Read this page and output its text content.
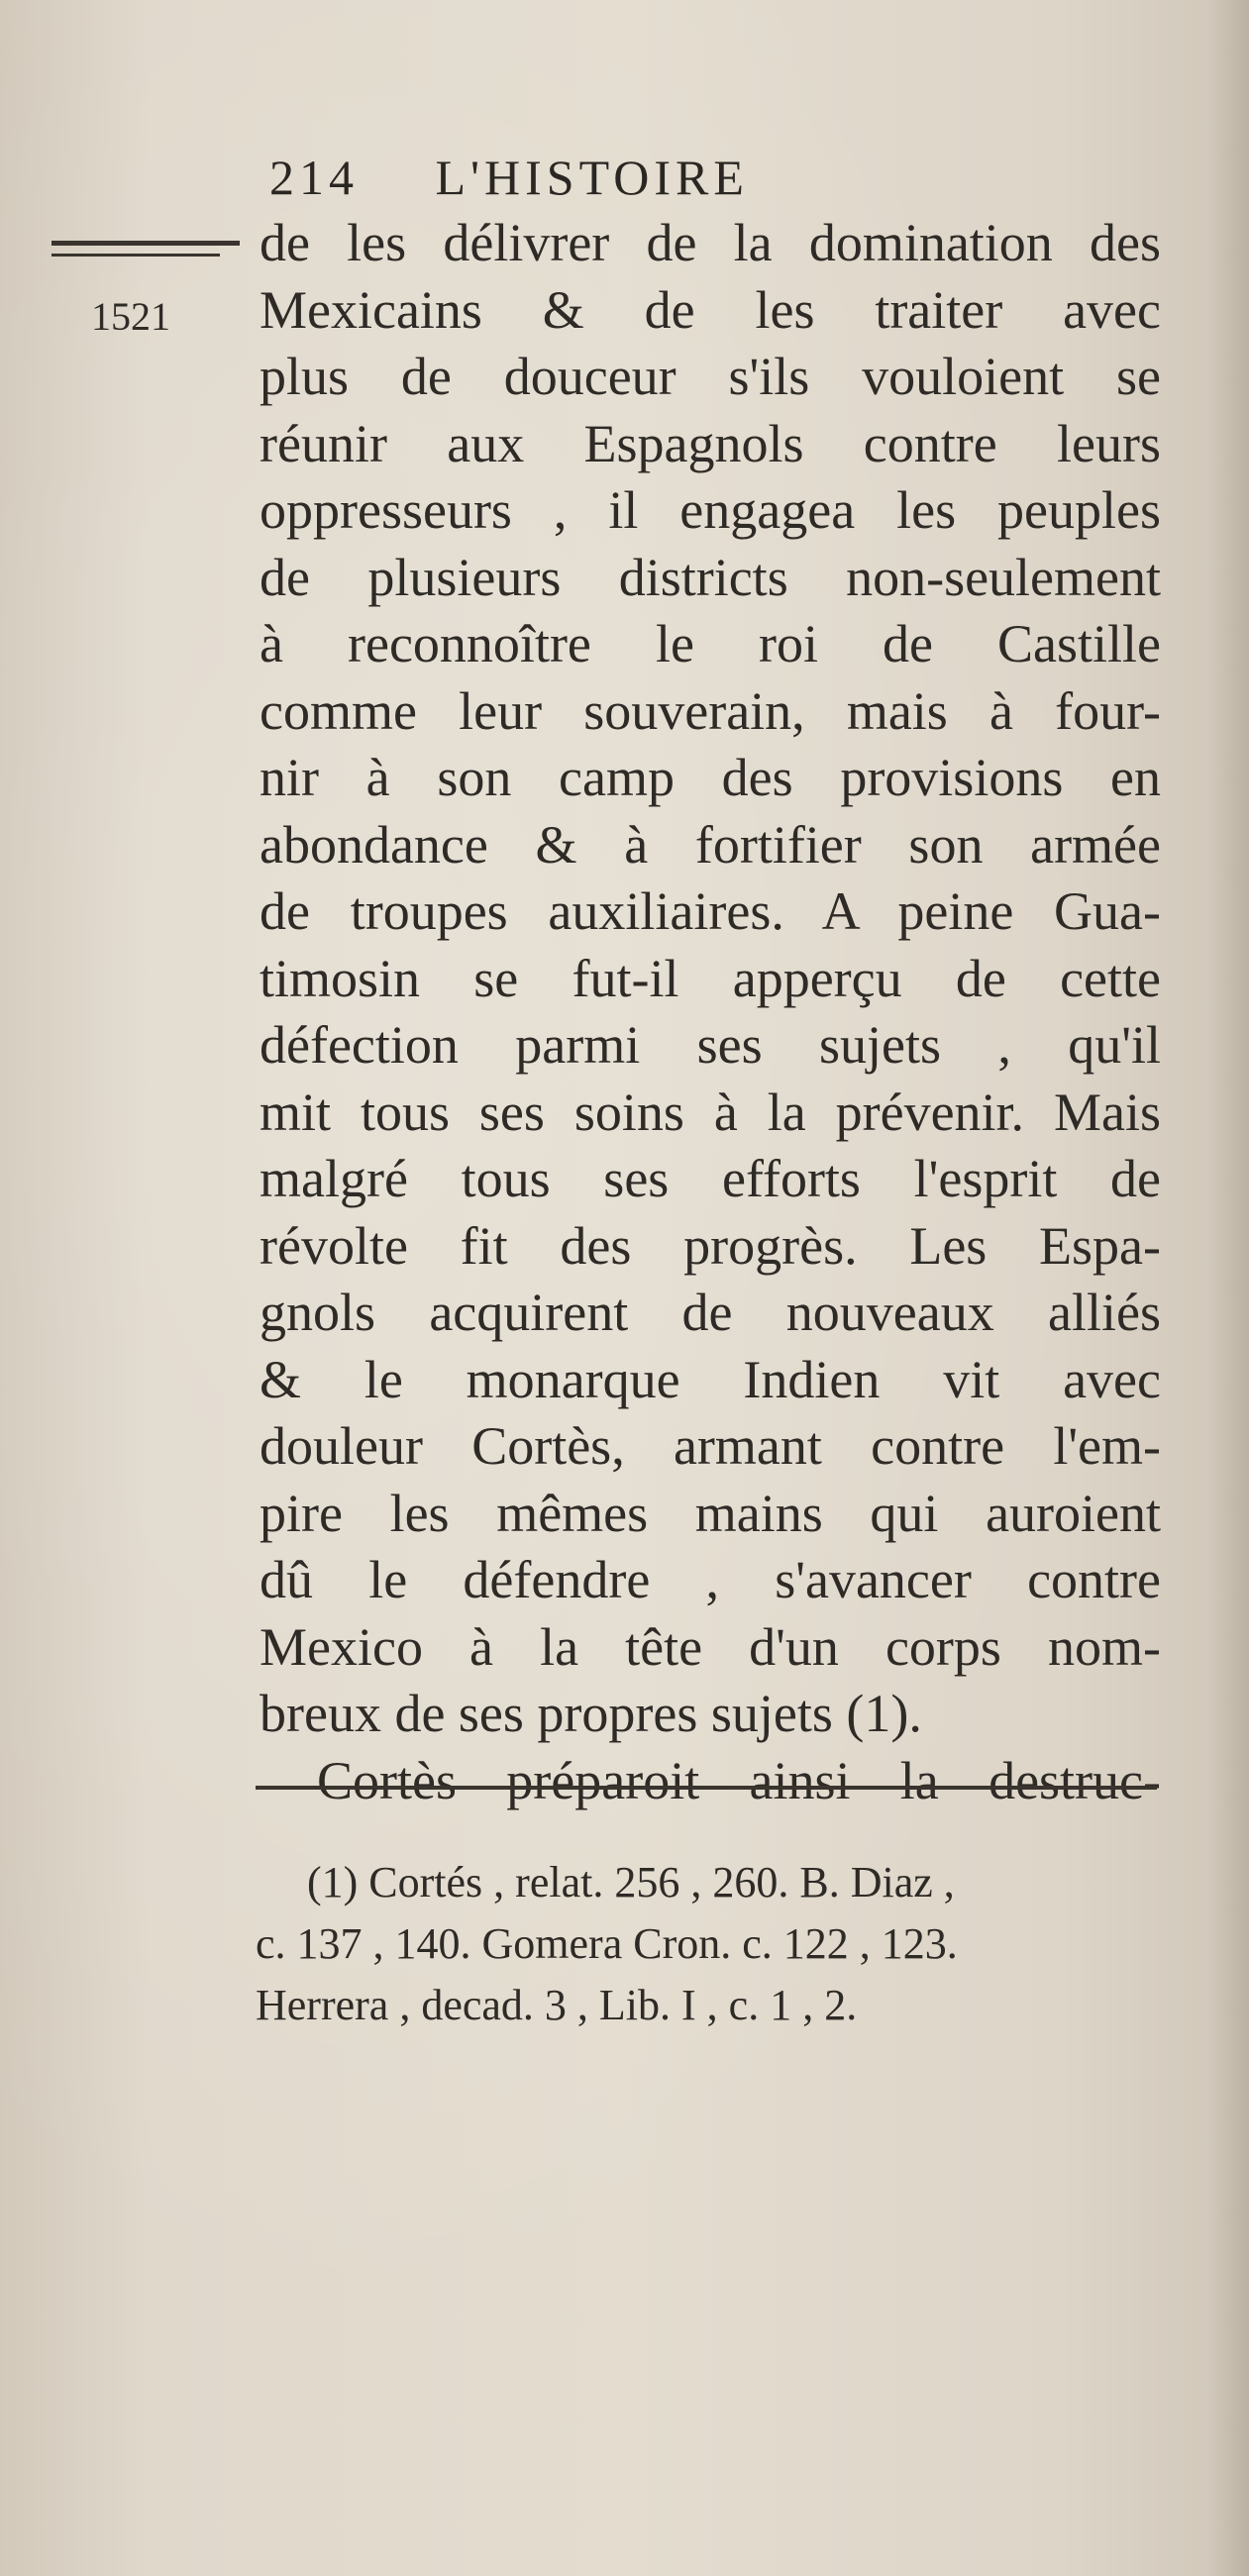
214 L'HISTOIRE
1521
de les délivrer de la domination des
Mexicains & de les traiter avec
plus de douceur s'ils vouloient se
réunir aux Espagnols contre leurs
oppresseurs , il engagea les peuples
de plusieurs districts non-seulement
à reconnoître le roi de Castille
comme leur souverain, mais à four-
nir à son camp des provisions en
abondance & à fortifier son armée
de troupes auxiliaires. A peine Gua-
timosin se fut-il apperçu de cette
défection parmi ses sujets , qu'il
mit tous ses soins à la prévenir. Mais
malgré tous ses efforts l'esprit de
révolte fit des progrès. Les Espa-
gnols acquirent de nouveaux alliés
& le monarque Indien vit avec
douleur Cortès, armant contre l'em-
pire les mêmes mains qui auroient
dû le défendre , s'avancer contre
Mexico à la tête d'un corps nom-
breux de ses propres sujets (1).
Cortès préparoit ainsi la destruc-
(1) Cortés , relat. 256 , 260. B. Diaz ,
c. 137 , 140. Gomera Cron. c. 122 , 123.
Herrera , decad. 3 , Lib. I , c. 1 , 2.
